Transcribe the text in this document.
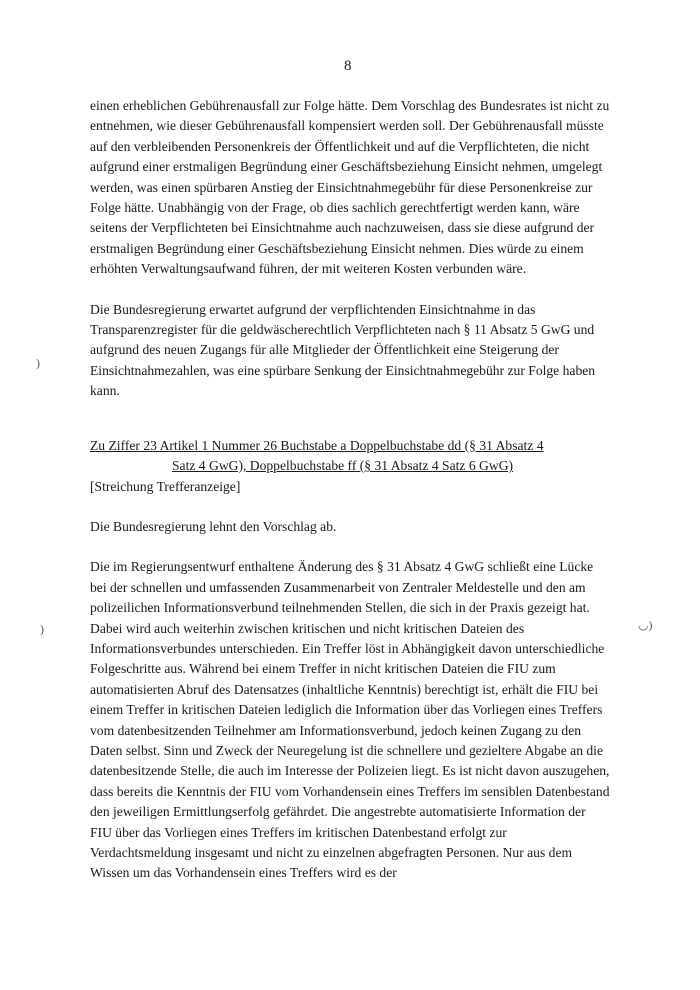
8
)
)	◡)

einen erheblichen Gebührenausfall zur Folge hätte. Dem Vorschlag des Bundesrates ist nicht zu entnehmen, wie dieser Gebührenausfall kompensiert werden soll. Der Gebührenausfall müsste auf den verbleibenden Personenkreis der Öffentlichkeit und auf die Verpflichteten, die nicht aufgrund einer erstmaligen Begründung einer Geschäftsbeziehung Einsicht nehmen, umgelegt werden, was einen spürbaren Anstieg der Einsichtnahmegebühr für diese Personenkreise zur Folge hätte. Unabhängig von der Frage, ob dies sachlich gerechtfertigt werden kann, wäre seitens der Verpflichteten bei Einsichtnahme auch nachzuweisen, dass sie diese aufgrund der erstmaligen Begründung einer Geschäftsbeziehung Einsicht nehmen. Dies würde zu einem erhöhten Verwaltungsaufwand führen, der mit weiteren Kosten verbunden wäre.

Die Bundesregierung erwartet aufgrund der verpflichtenden Einsichtnahme in das Transparenzregister für die geldwäscherechtlich Verpflichteten nach § 11 Absatz 5 GwG und aufgrund des neuen Zugangs für alle Mitglieder der Öffentlichkeit eine Steigerung der Einsichtnahmezahlen, was eine spürbare Senkung der Einsichtnahmegebühr zur Folge haben kann.

Zu Ziffer 23 Artikel 1 Nummer 26 Buchstabe a Doppelbuchstabe dd (§ 31 Absatz 4
Satz 4 GwG), Doppelbuchstabe ff (§ 31 Absatz 4 Satz 6 GwG)
[Streichung Trefferanzeige]

Die Bundesregierung lehnt den Vorschlag ab.

Die im Regierungsentwurf enthaltene Änderung des § 31 Absatz 4 GwG schließt eine Lücke bei der schnellen und umfassenden Zusammenarbeit von Zentraler Meldestelle und den am polizeilichen Informationsverbund teilnehmenden Stellen, die sich in der Praxis gezeigt hat. Dabei wird auch weiterhin zwischen kritischen und nicht kritischen Dateien des Informationsverbundes unterschieden. Ein Treffer löst in Abhängigkeit davon unterschiedliche Folgeschritte aus. Während bei einem Treffer in nicht kritischen Dateien die FIU zum automatisierten Abruf des Datensatzes (inhaltliche Kenntnis) berechtigt ist, erhält die FIU bei einem Treffer in kritischen Dateien lediglich die Information über das Vorliegen eines Treffers vom datenbesitzenden Teilnehmer am Informationsverbund, jedoch keinen Zugang zu den Daten selbst. Sinn und Zweck der Neuregelung ist die schnellere und gezieltere Abgabe an die datenbesitzende Stelle, die auch im Interesse der Polizeien liegt. Es ist nicht davon auszugehen, dass bereits die Kenntnis der FIU vom Vorhandensein eines Treffers im sensiblen Datenbestand den jeweiligen Ermittlungserfolg gefährdet. Die angestrebte automatisierte Information der FIU über das Vorliegen eines Treffers im kritischen Datenbestand erfolgt zur Verdachtsmeldung insgesamt und nicht zu einzelnen abgefragten Personen. Nur aus dem Wissen um das Vorhandensein eines Treffers wird es der
